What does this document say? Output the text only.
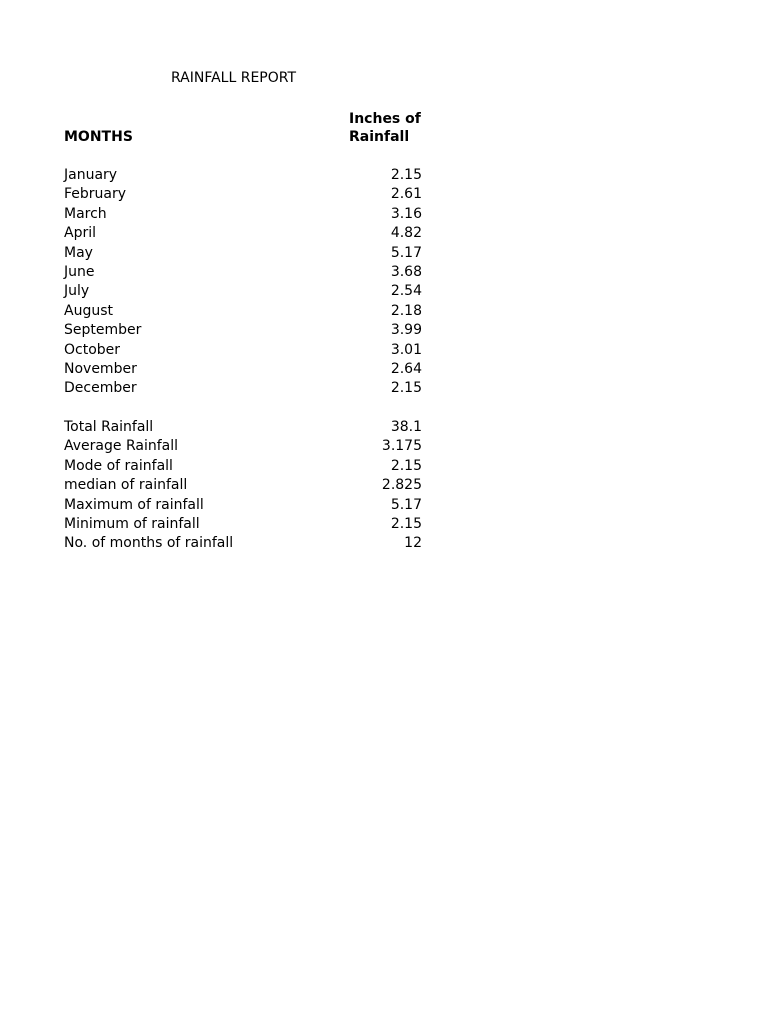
RAINFALL REPORT
MONTHS
Inches of
Rainfall
January	2.15
February	2.61
March	3.16
April	4.82
May	5.17
June	3.68
July	2.54
August	2.18
September	3.99
October	3.01
November	2.64
December	2.15
Total Rainfall	38.1
Average Rainfall	3.175
Mode of rainfall	2.15
median of rainfall	2.825
Maximum of rainfall	5.17
Minimum of rainfall	2.15
No. of months of rainfall	12
